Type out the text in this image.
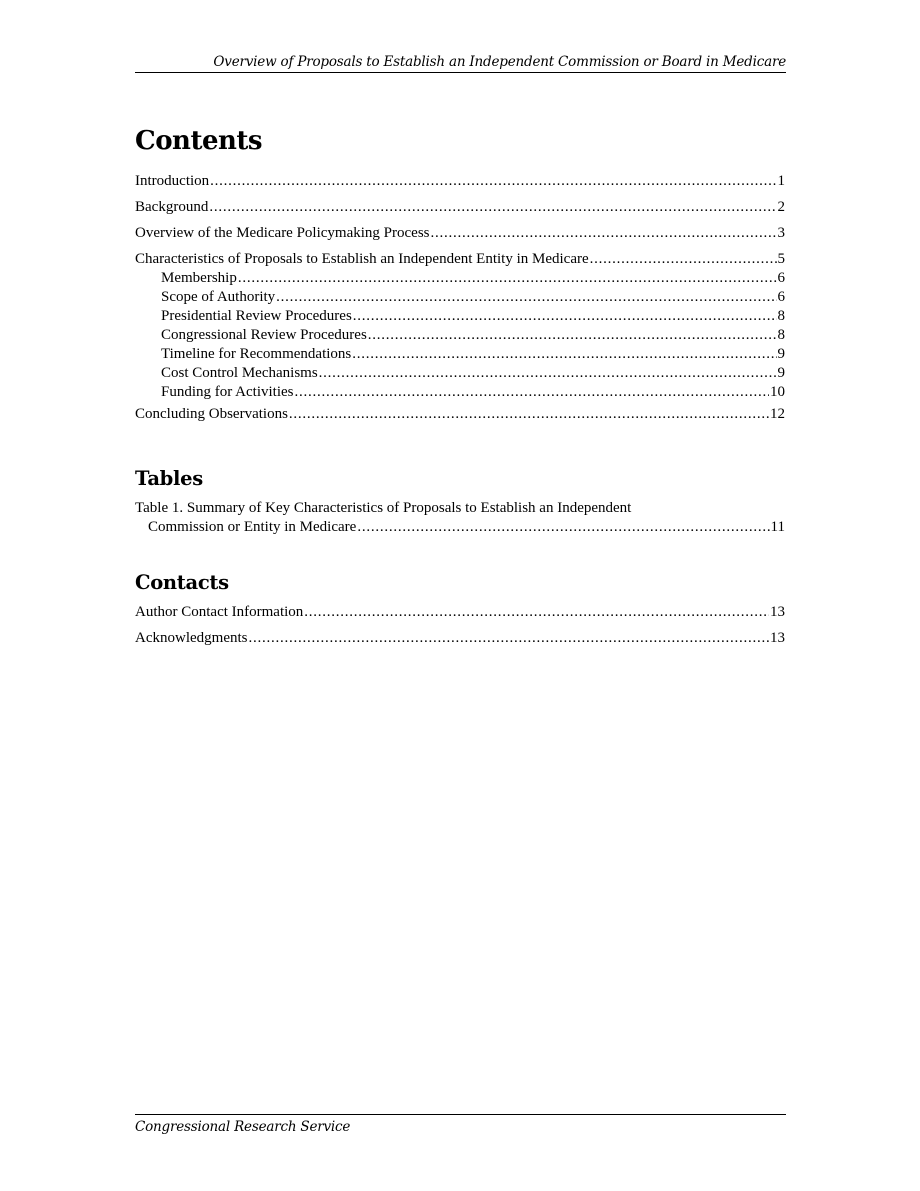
Overview of Proposals to Establish an Independent Commission or Board in Medicare
Contents
Introduction . . .	1
Background . . .	2
Overview of the Medicare Policymaking Process . . .	3
Characteristics of Proposals to Establish an Independent Entity in Medicare . . .	5
Membership . . .	6
Scope of Authority . . .	6
Presidential Review Procedures . . .	8
Congressional Review Procedures . . .	8
Timeline for Recommendations . . .	9
Cost Control Mechanisms . . .	9
Funding for Activities . . .	10
Concluding Observations . . .	12
Tables
Table 1. Summary of Key Characteristics of Proposals to Establish an Independent
Commission or Entity in Medicare . . .	11
Contacts
Author Contact Information . . .	13
Acknowledgments . . .	13
Congressional Research Service
